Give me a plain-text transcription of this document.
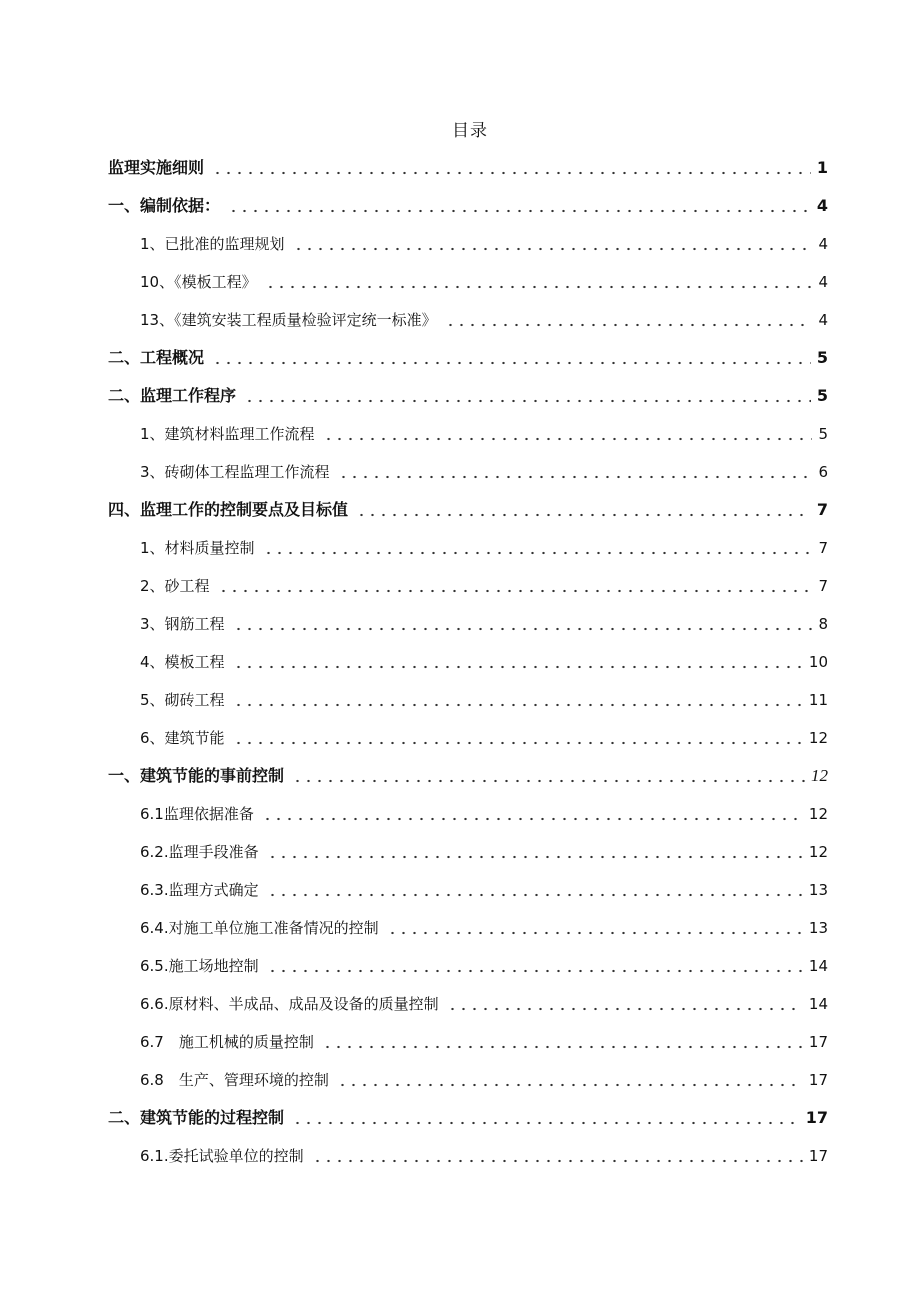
目录
监理实施细则	1
一、编制依据：	4
1、已批准的监理规划	4
10、《模板工程》	4
13、《建筑安装工程质量检验评定统一标准》	4
二、工程概况	5
二、监理工作程序	5
1、建筑材料监理工作流程	5
3、砖砌体工程监理工作流程	6
四、监理工作的控制要点及目标值	7
1、材料质量控制	7
2、砂工程	7
3、钢筋工程	8
4、模板工程	10
5、砌砖工程	11
6、建筑节能	12
一、建筑节能的事前控制	12
6.1监理依据准备	12
6.2.监理手段准备	12
6.3.监理方式确定	13
6.4.对施工单位施工准备情况的控制	13
6.5.施工场地控制	14
6.6.原材料、半成品、成品及设备的质量控制	14
6.7　施工机械的质量控制	17
6.8　生产、管理环境的控制	17
二、建筑节能的过程控制	17
6.1.委托试验单位的控制	17
